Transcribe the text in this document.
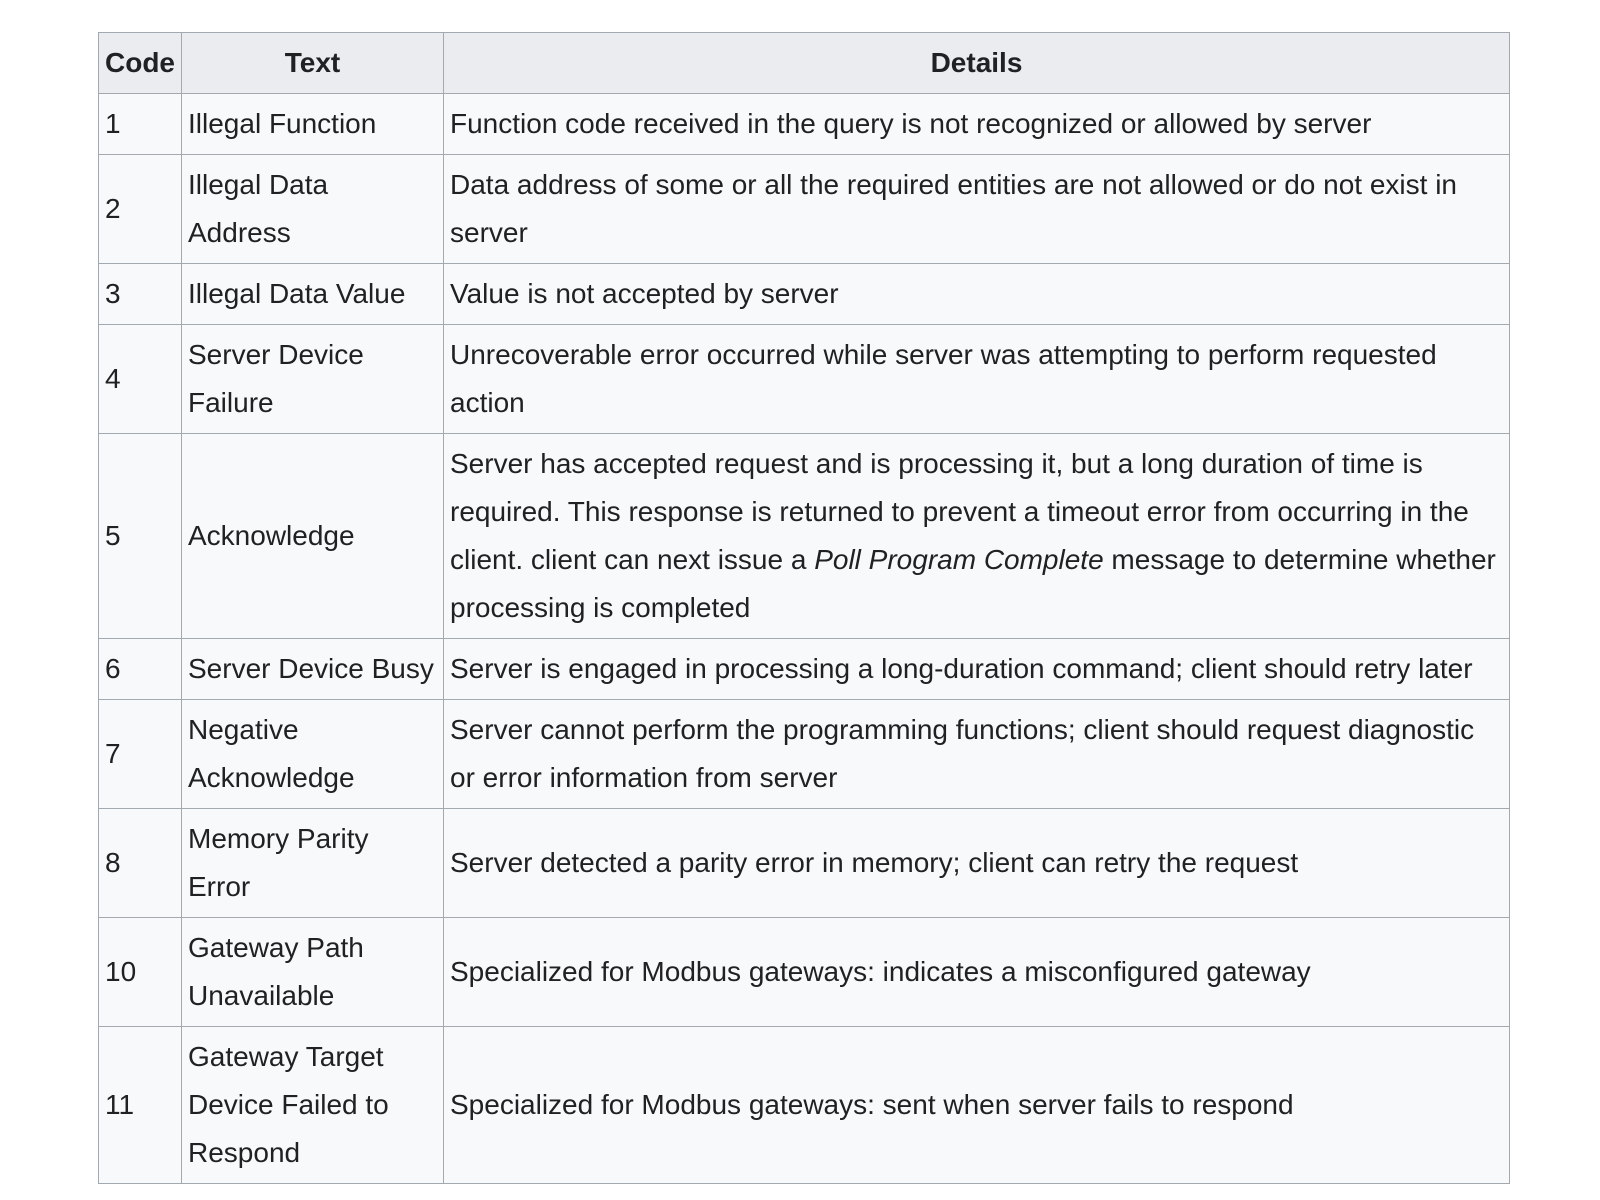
Code	Text	Details
1	Illegal Function	Function code received in the query is not recognized or allowed by server
2	Illegal Data Address	Data address of some or all the required entities are not allowed or do not exist in server
3	Illegal Data Value	Value is not accepted by server
4	Server Device Failure	Unrecoverable error occurred while server was attempting to perform requested action
5	Acknowledge	Server has accepted request and is processing it, but a long duration of time is required. This response is returned to prevent a timeout error from occurring in the client. client can next issue a Poll Program Complete message to determine whether processing is completed
6	Server Device Busy	Server is engaged in processing a long-duration command; client should retry later
7	Negative Acknowledge	Server cannot perform the programming functions; client should request diagnostic or error information from server
8	Memory Parity Error	Server detected a parity error in memory; client can retry the request
10	Gateway Path Unavailable	Specialized for Modbus gateways: indicates a misconfigured gateway
11	Gateway Target Device Failed to Respond	Specialized for Modbus gateways: sent when server fails to respond
